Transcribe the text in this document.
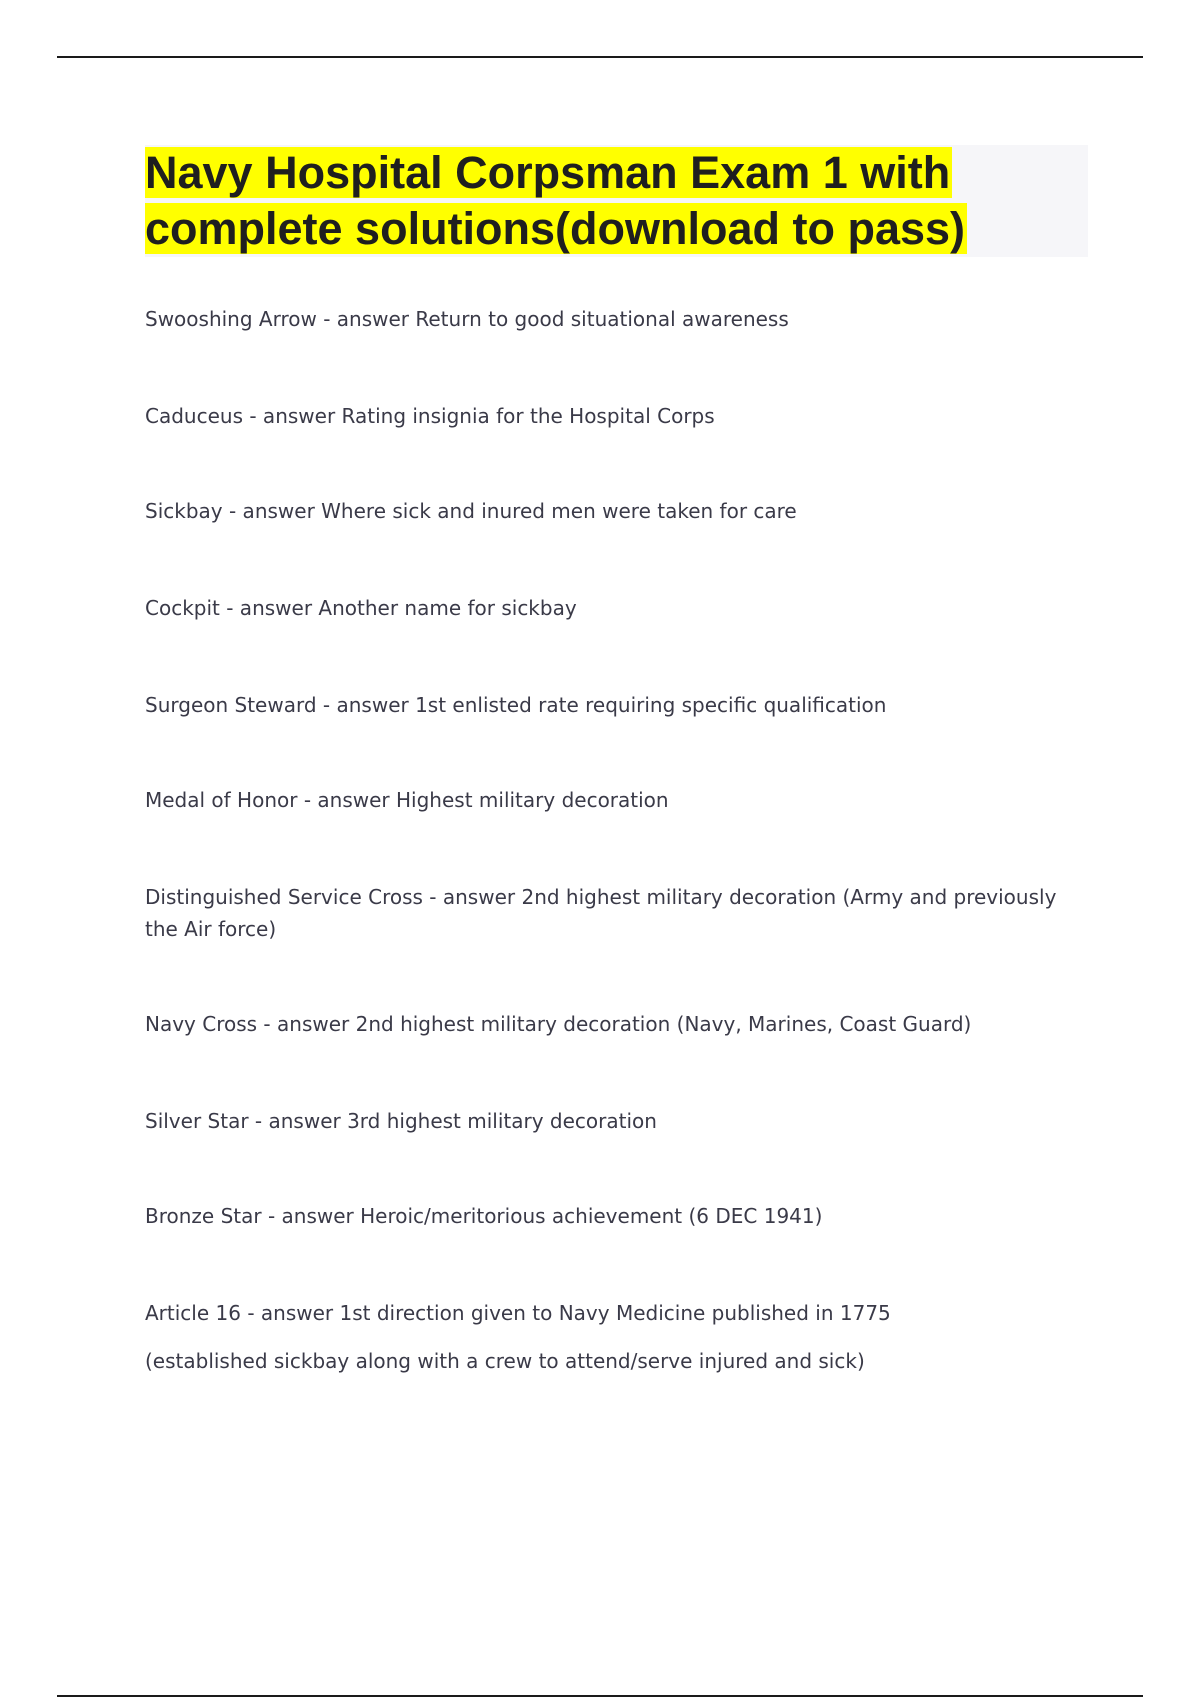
Navy Hospital Corpsman Exam 1 with
complete solutions(download to pass)
Swooshing Arrow - answer Return to good situational awareness
Caduceus - answer Rating insignia for the Hospital Corps
Sickbay - answer Where sick and inured men were taken for care
Cockpit - answer Another name for sickbay
Surgeon Steward - answer 1st enlisted rate requiring specific qualification
Medal of Honor - answer Highest military decoration
Distinguished Service Cross - answer 2nd highest military decoration (Army and previously the Air force)
Navy Cross - answer 2nd highest military decoration (Navy, Marines, Coast Guard)
Silver Star - answer 3rd highest military decoration
Bronze Star - answer Heroic/meritorious achievement (6 DEC 1941)
Article 16 - answer 1st direction given to Navy Medicine published in 1775
(established sickbay along with a crew to attend/serve injured and sick)
